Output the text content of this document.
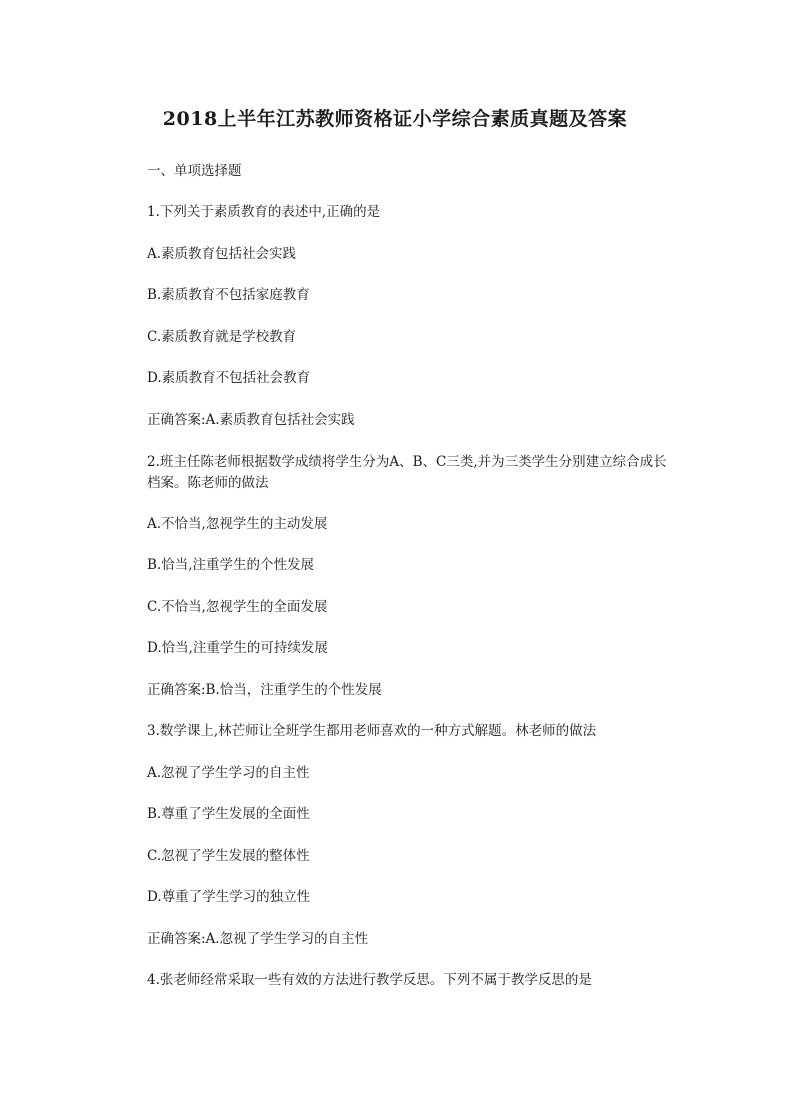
2018上半年江苏教师资格证小学综合素质真题及答案

一、单项选择题

1.下列关于素质教育的表述中,正确的是

A.素质教育包括社会实践

B.素质教育不包括家庭教育

C.素质教育就是学校教育

D.素质教育不包括社会教育

正确答案:A.素质教育包括社会实践

2.班主任陈老师根据数学成绩将学生分为A、B、C三类,并为三类学生分别建立综合成长档案。陈老师的做法

A.不恰当,忽视学生的主动发展

B.恰当,注重学生的个性发展

C.不恰当,忽视学生的全面发展

D.恰当,注重学生的可持续发展

正确答案:B.恰当，注重学生的个性发展

3.数学课上,林芒师让全班学生都用老师喜欢的一种方式解题。林老师的做法

A.忽视了学生学习的自主性

B.尊重了学生发展的全面性

C.忽视了学生发展的整体性

D.尊重了学生学习的独立性

正确答案:A.忽视了学生学习的自主性

4.张老师经常采取一些有效的方法进行教学反思。下列不属于教学反思的是
